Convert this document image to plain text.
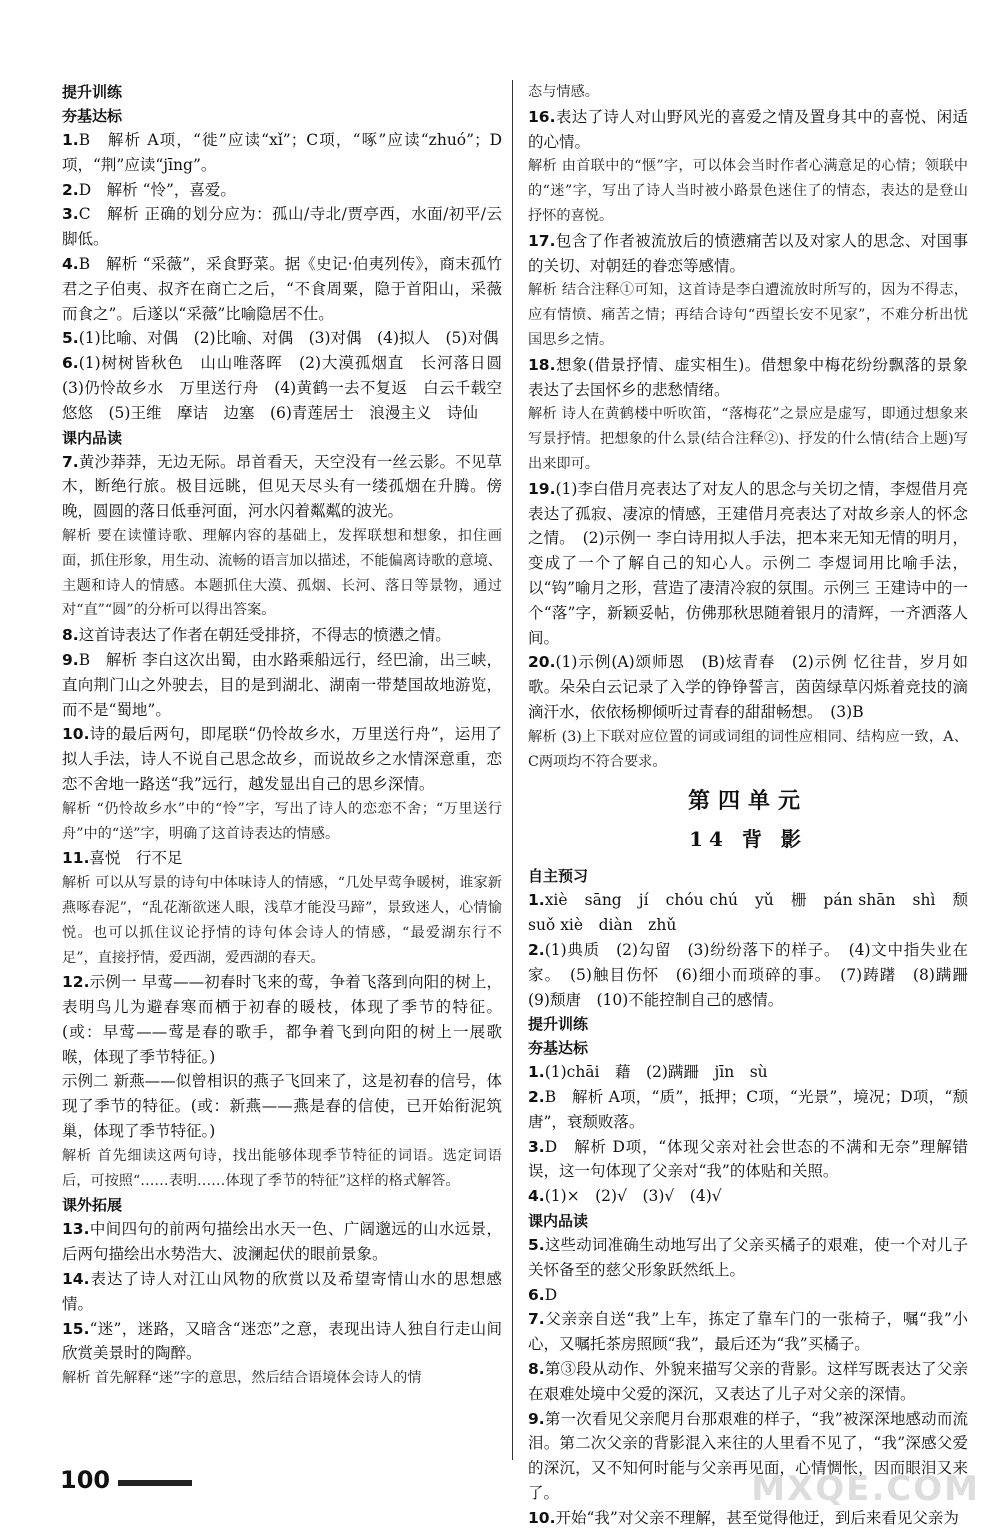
提升训练
夯基达标
1.B　解析 A项，“徙”应读“xǐ”；C项，“啄”应读“zhuó”；D项，“荆”应读“jīng”。
2.D　解析 “怜”，喜爱。
3.C　解析 正确的划分应为：孤山/寺北/贾亭西，水面/初平/云脚低。
4.B　解析 “采薇”，采食野菜。据《史记·伯夷列传》，商末孤竹君之子伯夷、叔齐在商亡之后，“不食周粟，隐于首阳山，采薇而食之”。后遂以“采薇”比喻隐居不仕。
5.(1)比喻、对偶　(2)比喻、对偶　(3)对偶　(4)拟人　(5)对偶
6.(1)树树皆秋色　山山唯落晖　(2)大漠孤烟直　长河落日圆　(3)仍怜故乡水　万里送行舟　(4)黄鹤一去不复返　白云千载空悠悠　(5)王维　摩诘　边塞　(6)青莲居士　浪漫主义　诗仙
课内品读
7.黄沙莽莽，无边无际。昂首看天，天空没有一丝云影。不见草木，断绝行旅。极目远眺，但见天尽头有一缕孤烟在升腾。傍晚，圆圆的落日低垂河面，河水闪着粼粼的波光。
解析 要在读懂诗歌、理解内容的基础上，发挥联想和想象，扣住画面，抓住形象，用生动、流畅的语言加以描述，不能偏离诗歌的意境、主题和诗人的情感。本题抓住大漠、孤烟、长河、落日等景物，通过对“直”“圆”的分析可以得出答案。
8.这首诗表达了作者在朝廷受排挤，不得志的愤懑之情。
9.B　解析 李白这次出蜀，由水路乘船远行，经巴渝，出三峡，直向荆门山之外驶去，目的是到湖北、湖南一带楚国故地游览，而不是“蜀地”。
10.诗的最后两句，即尾联“仍怜故乡水，万里送行舟”，运用了拟人手法，诗人不说自己思念故乡，而说故乡之水情深意重，恋恋不舍地一路送“我”远行，越发显出自己的思乡深情。
解析 “仍怜故乡水”中的“怜”字，写出了诗人的恋恋不舍；“万里送行舟”中的“送”字，明确了这首诗表达的情感。
11.喜悦　行不足
解析 可以从写景的诗句中体味诗人的情感，“几处早莺争暖树，谁家新燕啄春泥”，“乱花渐欲迷人眼，浅草才能没马蹄”，景致迷人，心情愉悦。也可以抓住议论抒情的诗句体会诗人的情感，“最爱湖东行不足”，直接抒情，爱西湖，爱西湖的春天。
12.示例一 早莺——初春时飞来的莺，争着飞落到向阳的树上，表明鸟儿为避春寒而栖于初春的暖枝，体现了季节的特征。(或：早莺——莺是春的歌手，都争着飞到向阳的树上一展歌喉，体现了季节特征。)
示例二 新燕——似曾相识的燕子飞回来了，这是初春的信号，体现了季节的特征。(或：新燕——燕是春的信使，已开始衔泥筑巢，体现了季节特征。)
解析 首先细读这两句诗，找出能够体现季节特征的词语。选定词语后，可按照“……表明……体现了季节的特征”这样的格式解答。
课外拓展
13.中间四句的前两句描绘出水天一色、广阔邈远的山水远景，后两句描绘出水势浩大、波澜起伏的眼前景象。
14.表达了诗人对江山风物的欣赏以及希望寄情山水的思想感情。
15.“迷”，迷路，又暗含“迷恋”之意，表现出诗人独自行走山间欣赏美景时的陶醉。
解析 首先解释“迷”字的意思，然后结合语境体会诗人的情
态与情感。
16.表达了诗人对山野风光的喜爱之情及置身其中的喜悦、闲适的心情。
解析 由首联中的“惬”字，可以体会当时作者心满意足的心情；领联中的“迷”字，写出了诗人当时被小路景色迷住了的情态，表达的是登山抒怀的喜悦。
17.包含了作者被流放后的愤懑痛苦以及对家人的思念、对国事的关切、对朝廷的眷恋等感情。
解析 结合注释①可知，这首诗是李白遭流放时所写的，因为不得志，应有情愤、痛苦之情；再结合诗句“西望长安不见家”，不难分析出忧国思乡之情。
18.想象(借景抒情、虚实相生)。借想象中梅花纷纷飘落的景象表达了去国怀乡的悲愁情绪。
解析 诗人在黄鹤楼中听吹笛，“落梅花”之景应是虚写，即通过想象来写景抒情。把想象的什么景(结合注释②)、抒发的什么情(结合上题)写出来即可。
19.(1)李白借月亮表达了对友人的思念与关切之情，李煜借月亮表达了孤寂、凄凉的情感，王建借月亮表达了对故乡亲人的怀念之情。　(2)示例一 李白诗用拟人手法，把本来无知无情的明月，变成了一个了解自己的知心人。示例二 李煜词用比喻手法，以“钩”喻月之形，营造了凄清冷寂的氛围。示例三 王建诗中的一个“落”字，新颖妥帖，仿佛那秋思随着银月的清辉，一齐洒落人间。
20.(1)示例(A)颂师恩　(B)炫青春　(2)示例 忆往昔，岁月如歌。朵朵白云记录了入学的铮铮誓言，茵茵绿草闪烁着竞技的滴滴汗水，依依杨柳倾听过青春的甜甜畅想。　(3)B
解析 (3)上下联对应位置的词或词组的词性应相同、结构应一致，A、C两项均不符合要求。
第四单元
14 背 影
自主预习
1.xiè　sāng　jí　chóu chú　yǔ　栅　pán shān　shì　颓　suǒ xiè　diàn　zhǔ
2.(1)典质　(2)勾留　(3)纷纷落下的样子。　(4)文中指失业在家。　(5)触目伤怀　(6)细小而琐碎的事。　(7)踌躇　(8)蹒跚　(9)颓唐　(10)不能控制自己的感情。
提升训练
夯基达标
1.(1)chāi　藉　(2)蹒跚　jīn　sù
2.B　解析 A项，“质”，抵押；C项，“光景”，境况；D项，“颓唐”，衰颓败落。
3.D　解析 D项，“体现父亲对社会世态的不满和无奈”理解错误，这一句体现了父亲对“我”的体贴和关照。
4.(1)×　(2)√　(3)√　(4)√
课内品读
5.这些动词准确生动地写出了父亲买橘子的艰难，使一个对儿子关怀备至的慈父形象跃然纸上。
6.D
7.父亲亲自送“我”上车，拣定了靠车门的一张椅子，嘱“我”小心，又嘱托茶房照顾“我”，最后还为“我”买橘子。
8.第③段从动作、外貌来描写父亲的背影。这样写既表达了父亲在艰难处境中父爱的深沉，又表达了儿子对父亲的深情。
9.第一次看见父亲爬月台那艰难的样子，“我”被深深地感动而流泪。第二次父亲的背影混入来往的人里看不见了，“我”深感父爱的深沉，又不知何时能与父亲再见面，心情惆怅，因而眼泪又来了。
10.开始“我”对父亲不理解，甚至觉得他迂，到后来看见父亲为
100	MXQE.COM
